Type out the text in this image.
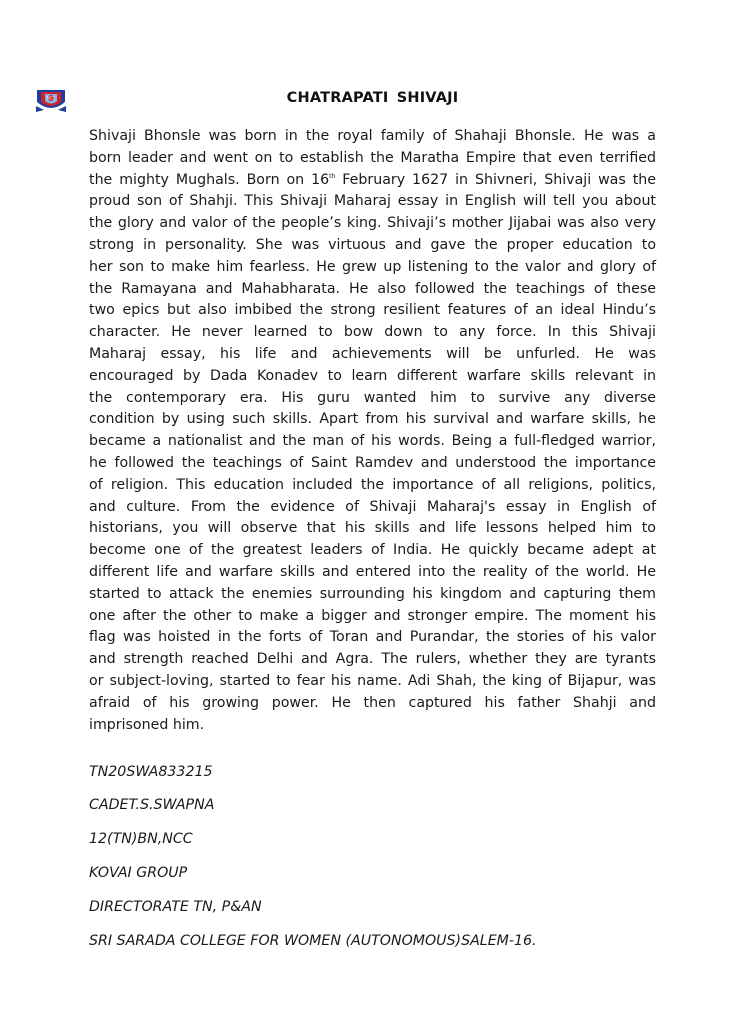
NCC	CHATRAPATI SHIVAJI
Shivaji Bhonsle was born in the royal family of Shahaji Bhonsle. He was a
born leader and went on to establish the Maratha Empire that even terrified
the mighty Mughals. Born on 16th February 1627 in Shivneri, Shivaji was the
proud son of Shahji. This Shivaji Maharaj essay in English will tell you about
the glory and valor of the people’s king. Shivaji’s mother Jijabai was also very
strong in personality. She was virtuous and gave the proper education to
her son to make him fearless. He grew up listening to the valor and glory of
the Ramayana and Mahabharata. He also followed the teachings of these
two epics but also imbibed the strong resilient features of an ideal Hindu’s
character. He never learned to bow down to any force. In this Shivaji
Maharaj essay, his life and achievements will be unfurled. He was
encouraged by Dada Konadev to learn different warfare skills relevant in
the contemporary era. His guru wanted him to survive any diverse
condition by using such skills. Apart from his survival and warfare skills, he
became a nationalist and the man of his words. Being a full-fledged warrior,
he followed the teachings of Saint Ramdev and understood the importance
of religion. This education included the importance of all religions, politics,
and culture. From the evidence of Shivaji Maharaj's essay in English of
historians, you will observe that his skills and life lessons helped him to
become one of the greatest leaders of India. He quickly became adept at
different life and warfare skills and entered into the reality of the world. He
started to attack the enemies surrounding his kingdom and capturing them
one after the other to make a bigger and stronger empire. The moment his
flag was hoisted in the forts of Toran and Purandar, the stories of his valor
and strength reached Delhi and Agra. The rulers, whether they are tyrants
or subject-loving, started to fear his name. Adi Shah, the king of Bijapur, was
afraid of his growing power. He then captured his father Shahji and
imprisoned him.
TN20SWA833215
CADET.S.SWAPNA
12(TN)BN,NCC
KOVAI GROUP
DIRECTORATE TN, P&AN
SRI SARADA COLLEGE FOR WOMEN (AUTONOMOUS)SALEM-16.
